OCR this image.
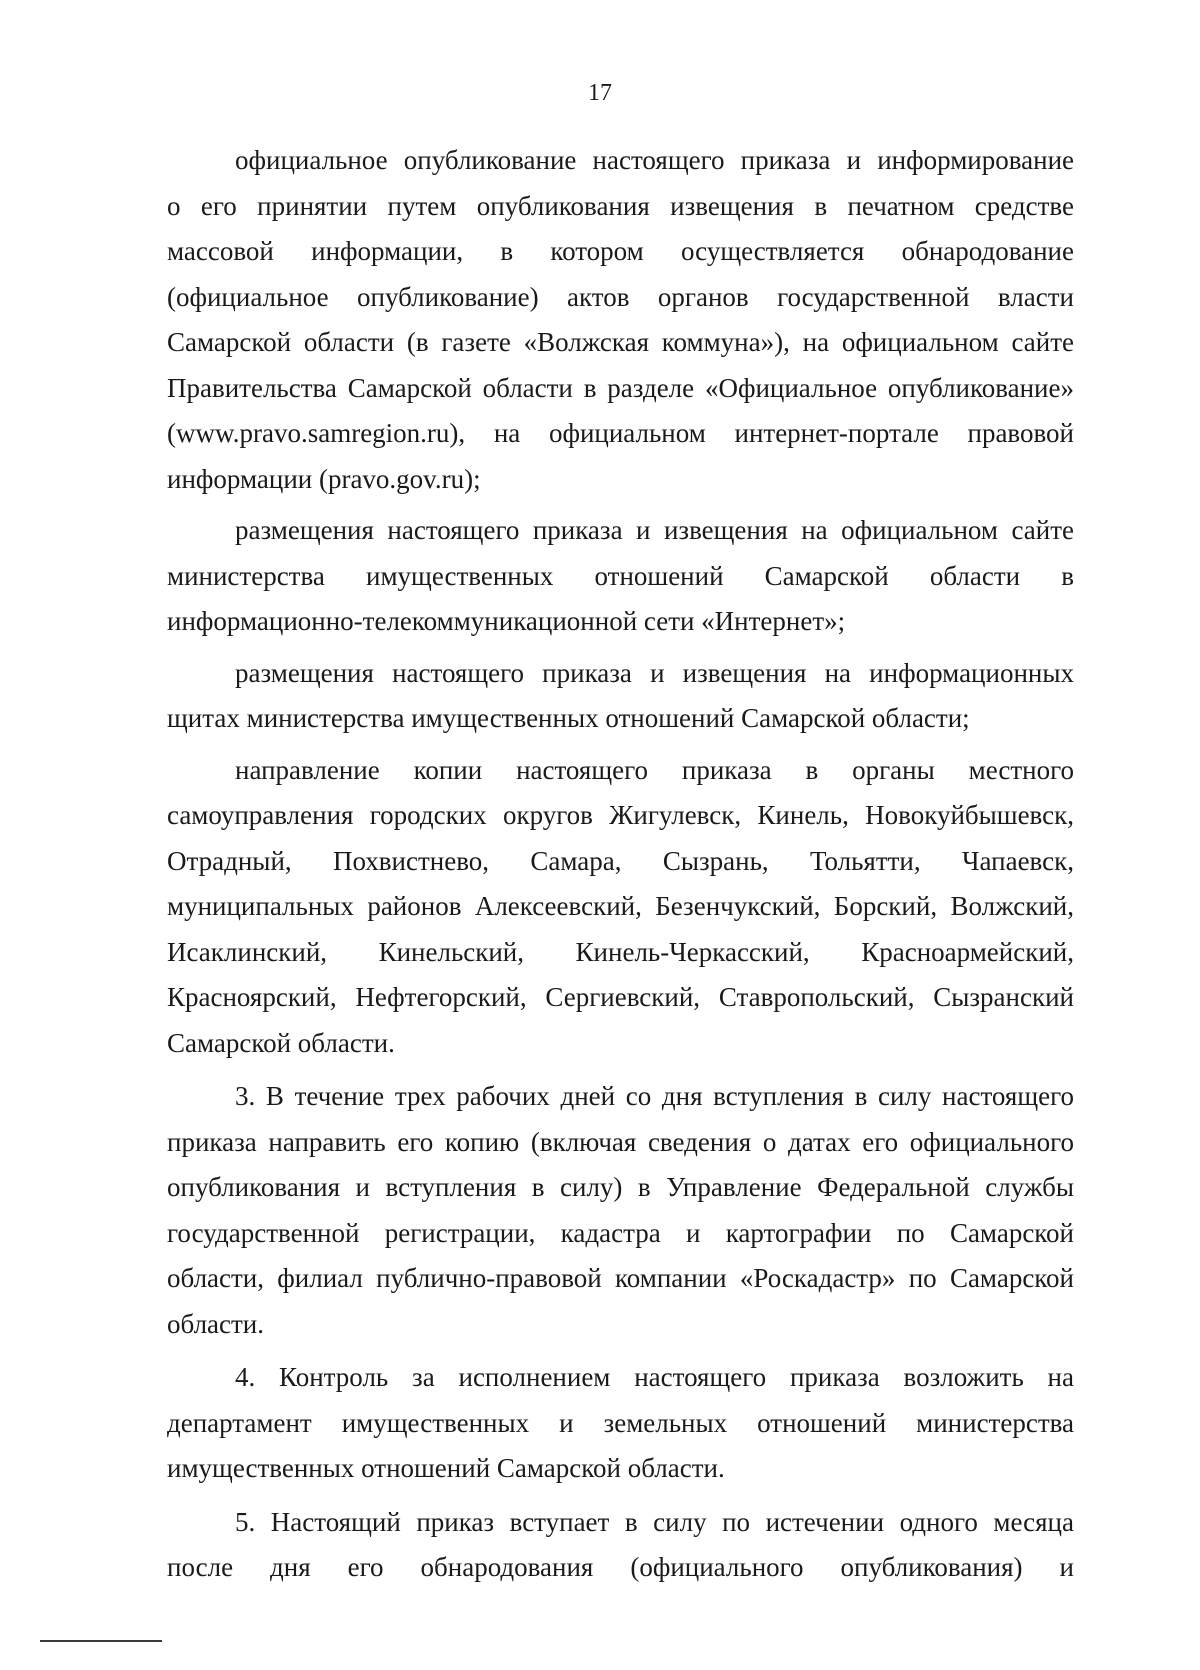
17
официальное опубликование настоящего приказа и информирование
о его принятии путем опубликования извещения в печатном средстве
массовой информации, в котором осуществляется обнародование
(официальное опубликование) актов органов государственной власти
Самарской области (в газете «Волжская коммуна»), на официальном сайте
Правительства Самарской области в разделе «Официальное опубликование»
(www.pravo.samregion.ru), на официальном интернет-портале правовой
информации (pravo.gov.ru);
размещения настоящего приказа и извещения на официальном сайте
министерства имущественных отношений Самарской области в
информационно-телекоммуникационной сети «Интернет»;
размещения настоящего приказа и извещения на информационных
щитах министерства имущественных отношений Самарской области;
направление копии настоящего приказа в органы местного
самоуправления городских округов Жигулевск, Кинель, Новокуйбышевск,
Отрадный, Похвистнево, Самара, Сызрань, Тольятти, Чапаевск,
муниципальных районов Алексеевский, Безенчукский, Борский, Волжский,
Исаклинский, Кинельский, Кинель-Черкасский, Красноармейский,
Красноярский, Нефтегорский, Сергиевский, Ставропольский, Сызранский
Самарской области.
3. В течение трех рабочих дней со дня вступления в силу настоящего
приказа направить его копию (включая сведения о датах его официального
опубликования и вступления в силу) в Управление Федеральной службы
государственной регистрации, кадастра и картографии по Самарской
области, филиал публично-правовой компании «Роскадастр» по Самарской
области.
4. Контроль за исполнением настоящего приказа возложить на
департамент имущественных и земельных отношений министерства
имущественных отношений Самарской области.
5. Настоящий приказ вступает в силу по истечении одного месяца
после дня его обнародования (официального опубликования) и
